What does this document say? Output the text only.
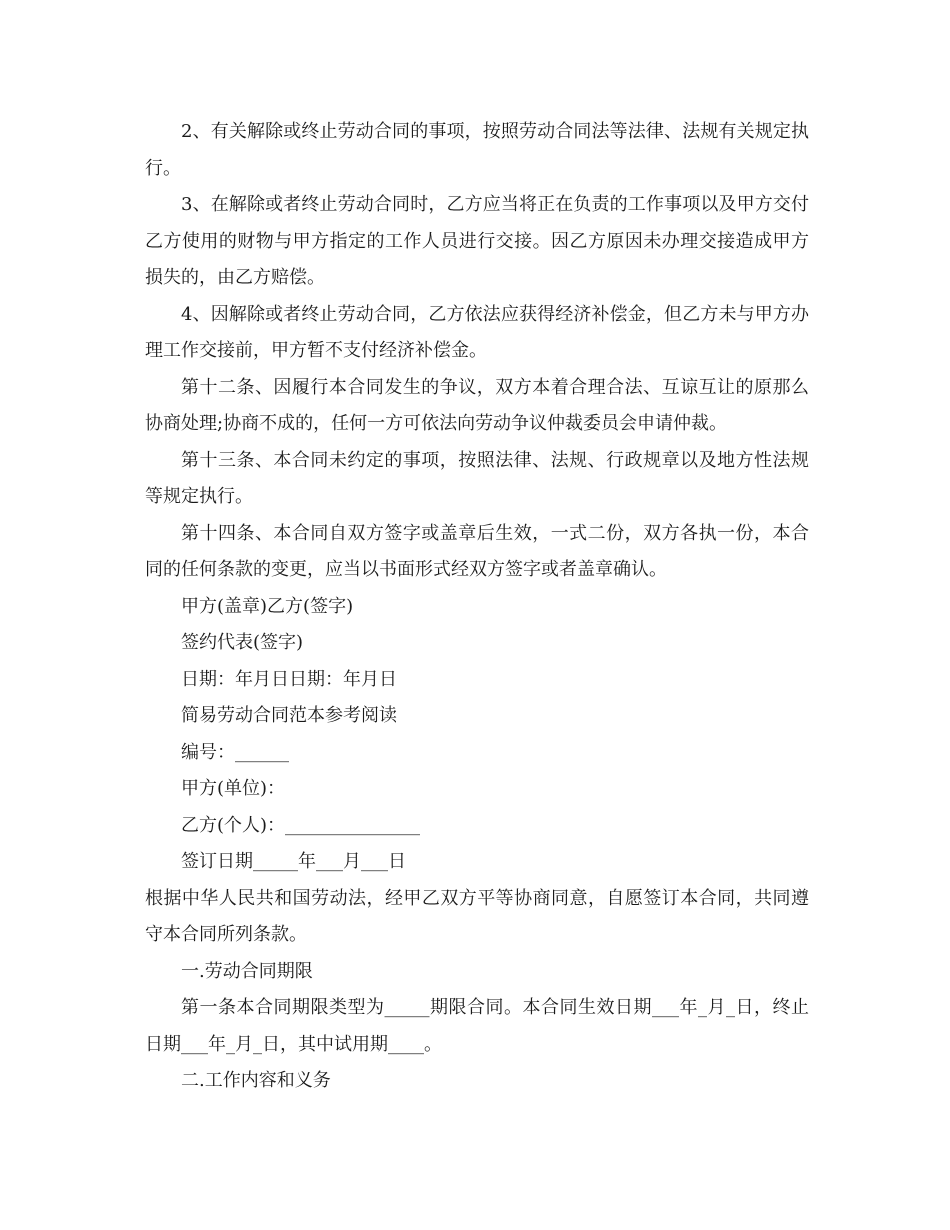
2、有关解除或终止劳动合同的事项，按照劳动合同法等法律、法规有关规定执行。

3、在解除或者终止劳动合同时，乙方应当将正在负责的工作事项以及甲方交付乙方使用的财物与甲方指定的工作人员进行交接。因乙方原因未办理交接造成甲方损失的，由乙方赔偿。

4、因解除或者终止劳动合同，乙方依法应获得经济补偿金，但乙方未与甲方办理工作交接前，甲方暂不支付经济补偿金。

第十二条、因履行本合同发生的争议，双方本着合理合法、互谅互让的原那么协商处理;协商不成的，任何一方可依法向劳动争议仲裁委员会申请仲裁。

第十三条、本合同未约定的事项，按照法律、法规、行政规章以及地方性法规等规定执行。

第十四条、本合同自双方签字或盖章后生效，一式二份，双方各执一份，本合同的任何条款的变更，应当以书面形式经双方签字或者盖章确认。

甲方(盖章)乙方(签字)

签约代表(签字)

日期：年月日日期：年月日

简易劳动合同范本参考阅读

编号：______

甲方(单位)：

乙方(个人)：_______________

签订日期_____年___月___日

根据中华人民共和国劳动法，经甲乙双方平等协商同意，自愿签订本合同，共同遵守本合同所列条款。

一.劳动合同期限

第一条本合同期限类型为_____期限合同。本合同生效日期___年_月_日，终止日期___年_月_日，其中试用期____。

二.工作内容和义务
